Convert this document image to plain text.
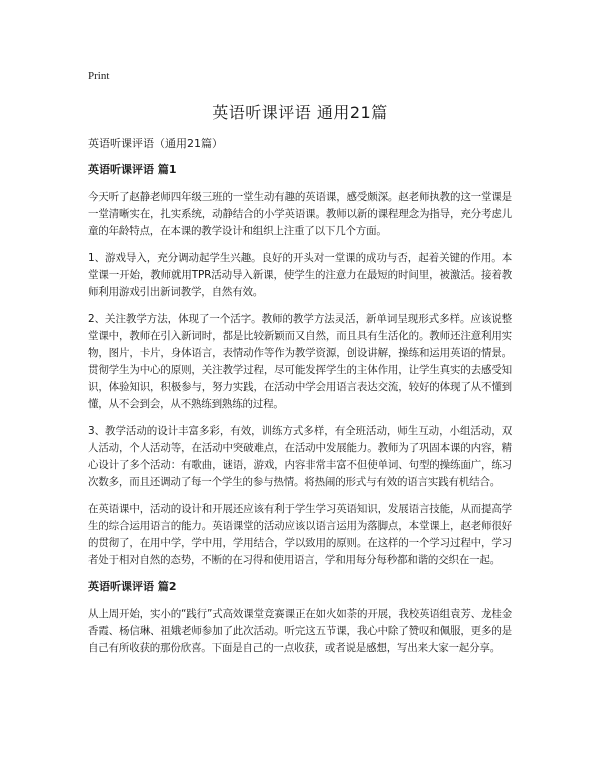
Print
英语听课评语 通用21篇
英语听课评语（通用21篇）
英语听课评语 篇1

今天听了赵静老师四年级三班的一堂生动有趣的英语课，感受颇深。赵老师执教的这一堂课是一堂清晰实在，扎实系统，动静结合的小学英语课。教师以新的课程理念为指导，充分考虑儿童的年龄特点，在本课的教学设计和组织上注重了以下几个方面。

1、游戏导入，充分调动起学生兴趣。良好的开头对一堂课的成功与否，起着关键的作用。本堂课一开始，教师就用TPR活动导入新课，使学生的注意力在最短的时间里，被激活。接着教师利用游戏引出新词教学，自然有效。

2、关注教学方法，体现了一个活字。教师的教学方法灵活，新单词呈现形式多样。应该说整堂课中，教师在引入新词时，都是比较新颖而又自然，而且具有生活化的。教师还注意利用实物，图片，卡片，身体语言，表情动作等作为教学资源，创设讲解，操练和运用英语的情景。贯彻学生为中心的原则，关注教学过程，尽可能发挥学生的主体作用，让学生真实的去感受知识，体验知识，积极参与，努力实践，在活动中学会用语言表达交流，较好的体现了从不懂到懂，从不会到会，从不熟练到熟练的过程。

3、教学活动的设计丰富多彩，有效，训练方式多样，有全班活动，师生互动，小组活动，双人活动，个人活动等，在活动中突破难点，在活动中发展能力。教师为了巩固本课的内容，精心设计了多个活动：有歌曲，谜语，游戏，内容非常丰富不但使单词、句型的操练面广，练习次数多，而且还调动了每一个学生的参与热情。将热闹的形式与有效的语言实践有机结合。

在英语课中，活动的设计和开展还应该有利于学生学习英语知识，发展语言技能，从而提高学生的综合运用语言的能力。英语课堂的活动应该以语言运用为落脚点，本堂课上，赵老师很好的贯彻了，在用中学，学中用，学用结合，学以致用的原则。在这样的一个学习过程中，学习者处于相对自然的态势，不断的在习得和使用语言，学和用每分每秒都和谐的交织在一起。

英语听课评语 篇2

从上周开始，实小的“践行”式高效课堂竞赛课正在如火如荼的开展，我校英语组袁芳、龙桂金香霞、杨信琳、祖娥老师参加了此次活动。听完这五节课，我心中除了赞叹和佩服，更多的是自己有所收获的那份欣喜。下面是自己的一点收获，或者说是感想，写出来大家一起分享。
